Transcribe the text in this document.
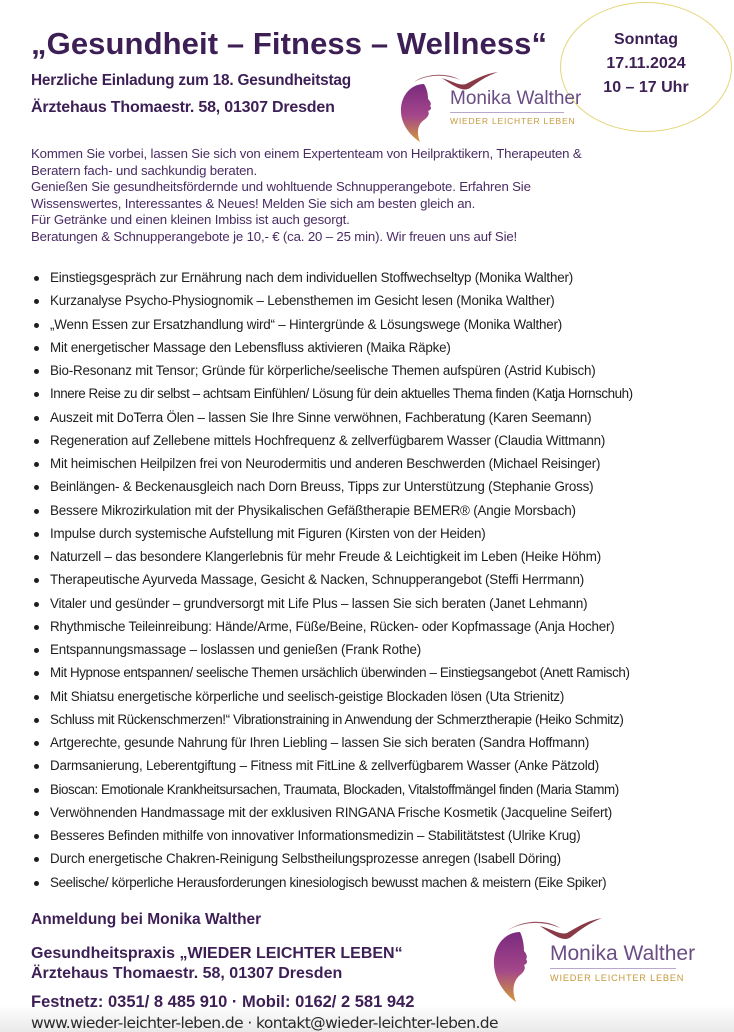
„Gesundheit – Fitness – Wellness“
Herzliche Einladung zum 18. Gesundheitstag
Ärztehaus Thomaestr. 58, 01307 Dresden
Sonntag
17.11.2024
10 – 17 Uhr
Monika Walther
WIEDER LEICHTER LEBEN
Kommen Sie vorbei, lassen Sie sich von einem Expertenteam von Heilpraktikern, Therapeuten &
Beratern fach- und sachkundig beraten.
Genießen Sie gesundheitsfördernde und wohltuende Schnupperangebote. Erfahren Sie
Wissenswertes, Interessantes & Neues! Melden Sie sich am besten gleich an.
Für Getränke und einen kleinen Imbiss ist auch gesorgt.
Beratungen & Schnupperangebote je 10,- € (ca. 20 – 25 min). Wir freuen uns auf Sie!
Einstiegsgespräch zur Ernährung nach dem individuellen Stoffwechseltyp (Monika Walther)
Kurzanalyse Psycho-Physiognomik – Lebensthemen im Gesicht lesen (Monika Walther)
„Wenn Essen zur Ersatzhandlung wird“ – Hintergründe & Lösungswege (Monika Walther)
Mit energetischer Massage den Lebensfluss aktivieren (Maika Räpke)
Bio-Resonanz mit Tensor; Gründe für körperliche/seelische Themen aufspüren (Astrid Kubisch)
Innere Reise zu dir selbst – achtsam Einfühlen/ Lösung für dein aktuelles Thema finden (Katja Hornschuh)
Auszeit mit DoTerra Ölen – lassen Sie Ihre Sinne verwöhnen, Fachberatung (Karen Seemann)
Regeneration auf Zellebene mittels Hochfrequenz & zellverfügbarem Wasser (Claudia Wittmann)
Mit heimischen Heilpilzen frei von Neurodermitis und anderen Beschwerden (Michael Reisinger)
Beinlängen- & Beckenausgleich nach Dorn Breuss, Tipps zur Unterstützung (Stephanie Gross)
Bessere Mikrozirkulation mit der Physikalischen Gefäßtherapie BEMER® (Angie Morsbach)
Impulse durch systemische Aufstellung mit Figuren (Kirsten von der Heiden)
Naturzell – das besondere Klangerlebnis für mehr Freude & Leichtigkeit im Leben (Heike Höhm)
Therapeutische Ayurveda Massage, Gesicht & Nacken, Schnupperangebot (Steffi Herrmann)
Vitaler und gesünder – grundversorgt mit Life Plus – lassen Sie sich beraten (Janet Lehmann)
Rhythmische Teileinreibung: Hände/Arme, Füße/Beine, Rücken- oder Kopfmassage (Anja Hocher)
Entspannungsmassage – loslassen und genießen (Frank Rothe)
Mit Hypnose entspannen/ seelische Themen ursächlich überwinden – Einstiegsangebot (Anett Ramisch)
Mit Shiatsu energetische körperliche und seelisch-geistige Blockaden lösen (Uta Strienitz)
Schluss mit Rückenschmerzen!“ Vibrationstraining in Anwendung der Schmerztherapie (Heiko Schmitz)
Artgerechte, gesunde Nahrung für Ihren Liebling – lassen Sie sich beraten (Sandra Hoffmann)
Darmsanierung, Leberentgiftung – Fitness mit FitLine & zellverfügbarem Wasser (Anke Pätzold)
Bioscan: Emotionale Krankheitsursachen, Traumata, Blockaden, Vitalstoffmängel finden (Maria Stamm)
Verwöhnenden Handmassage mit der exklusiven RINGANA Frische Kosmetik (Jacqueline Seifert)
Besseres Befinden mithilfe von innovativer Informationsmedizin – Stabilitätstest (Ulrike Krug)
Durch energetische Chakren-Reinigung Selbstheilungsprozesse anregen (Isabell Döring)
Seelische/ körperliche Herausforderungen kinesiologisch bewusst machen & meistern (Eike Spiker)
Anmeldung bei Monika Walther
Gesundheitspraxis „WIEDER LEICHTER LEBEN“
Ärztehaus Thomaestr. 58, 01307 Dresden
Monika Walther
WIEDER LEICHTER LEBEN
Festnetz: 0351/ 8 485 910 · Mobil: 0162/ 2 581 942
www.wieder-leichter-leben.de · kontakt@wieder-leichter-leben.de
